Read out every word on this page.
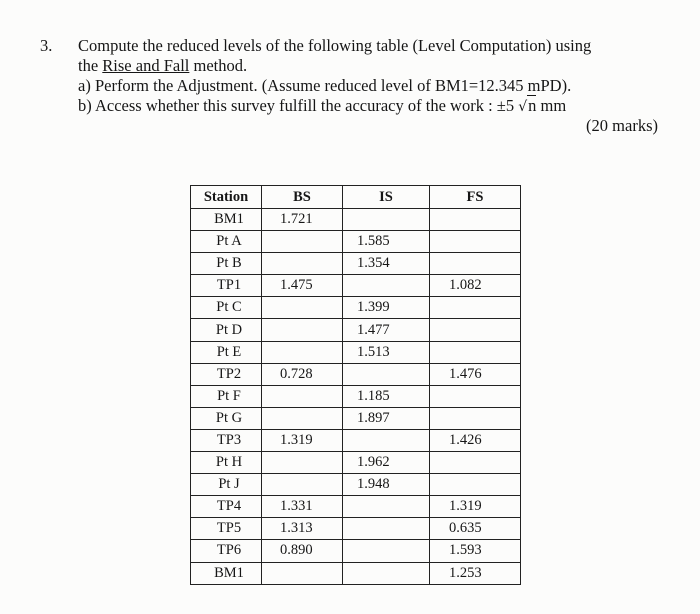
3. Compute the reduced levels of the following table (Level Computation) using
the Rise and Fall method.
a) Perform the Adjustment. (Assume reduced level of BM1=12.345 mPD).
b) Access whether this survey fulfill the accuracy of the work : ±5 √n mm
(20 marks)
Station	BS	IS	FS
BM1	1.721		
Pt A		1.585	
Pt B		1.354	
TP1	1.475		1.082
Pt C		1.399	
Pt D		1.477	
Pt E		1.513	
TP2	0.728		1.476
Pt F		1.185	
Pt G		1.897	
TP3	1.319		1.426
Pt H		1.962	
Pt J		1.948	
TP4	1.331		1.319
TP5	1.313		0.635
TP6	0.890		1.593
BM1			1.253
